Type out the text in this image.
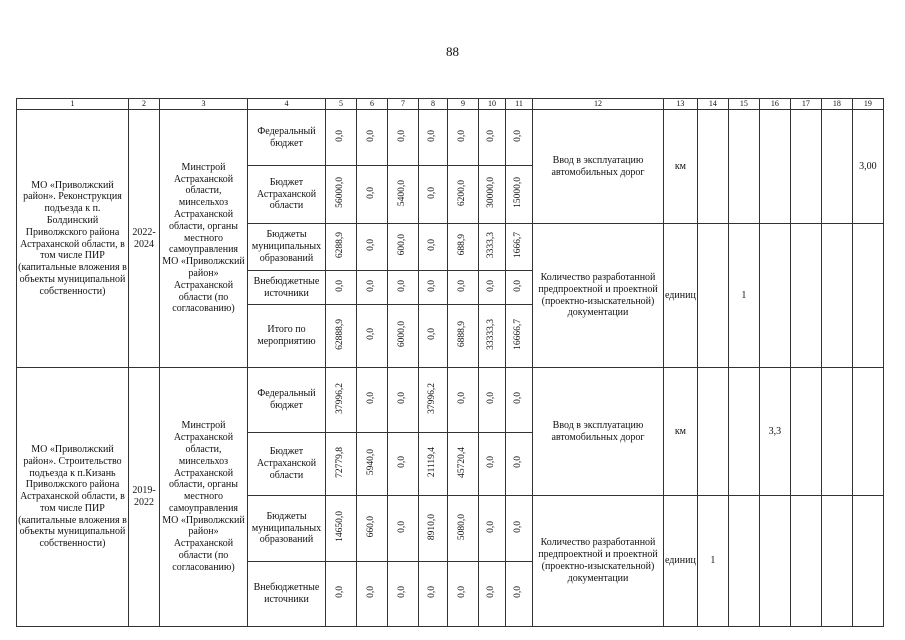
88
1	2	3	4	5	6	7	8	9	10	11	12	13	14	15	16	17	18	19
МО «Приволжский район». Реконструкция подъезда к п. Болдинский Приволжского района Астраханской области, в том числе ПИР (капитальные вложения в объекты муниципальной собственности)	2022-2024	Минстрой Астраханской области, минсельхоз Астраханской области, органы местного самоуправления МО «Приволжский район» Астраханской области (по согласованию)	Федеральный бюджет	0,0	0,0	0,0	0,0	0,0	0,0	0,0	Ввод в эксплуатацию автомобильных дорог	км						3,00
			Бюджет Астраханской области	56000,0	0,0	5400,0	0,0	6200,0	30000,0	15000,0								
			Бюджеты муниципальных образований	6288,9	0,0	600,0	0,0	688,9	3333,3	1666,7	Количество разработанной предпроектной и проектной (проектно-изыскательной) документации	единиц		1				
			Внебюджетные источники	0,0	0,0	0,0	0,0	0,0	0,0	0,0								
			Итого по мероприятию	62888,9	0,0	6000,0	0,0	6888,9	33333,3	16666,7								
МО «Приволжский район». Строительство подъезда к п.Кизань Приволжского района Астраханской области, в том числе ПИР (капитальные вложения в объекты муниципальной собственности)	2019-2022	Минстрой Астраханской области, минсельхоз Астраханской области, органы местного самоуправления МО «Приволжский район» Астраханской области (по согласованию)	Федеральный бюджет	37996,2	0,0	0,0	37996,2	0,0	0,0	0,0	Ввод в эксплуатацию автомобильных дорог	км			3,3			
			Бюджет Астраханской области	72779,8	5940,0	0,0	21119,4	45720,4	0,0	0,0								
			Бюджеты муниципальных образований	14650,0	660,0	0,0	8910,0	5080,0	0,0	0,0	Количество разработанной предпроектной и проектной (проектно-изыскательной) документации	единиц	1					
			Внебюджетные источники	0,0	0,0	0,0	0,0	0,0	0,0	0,0								
